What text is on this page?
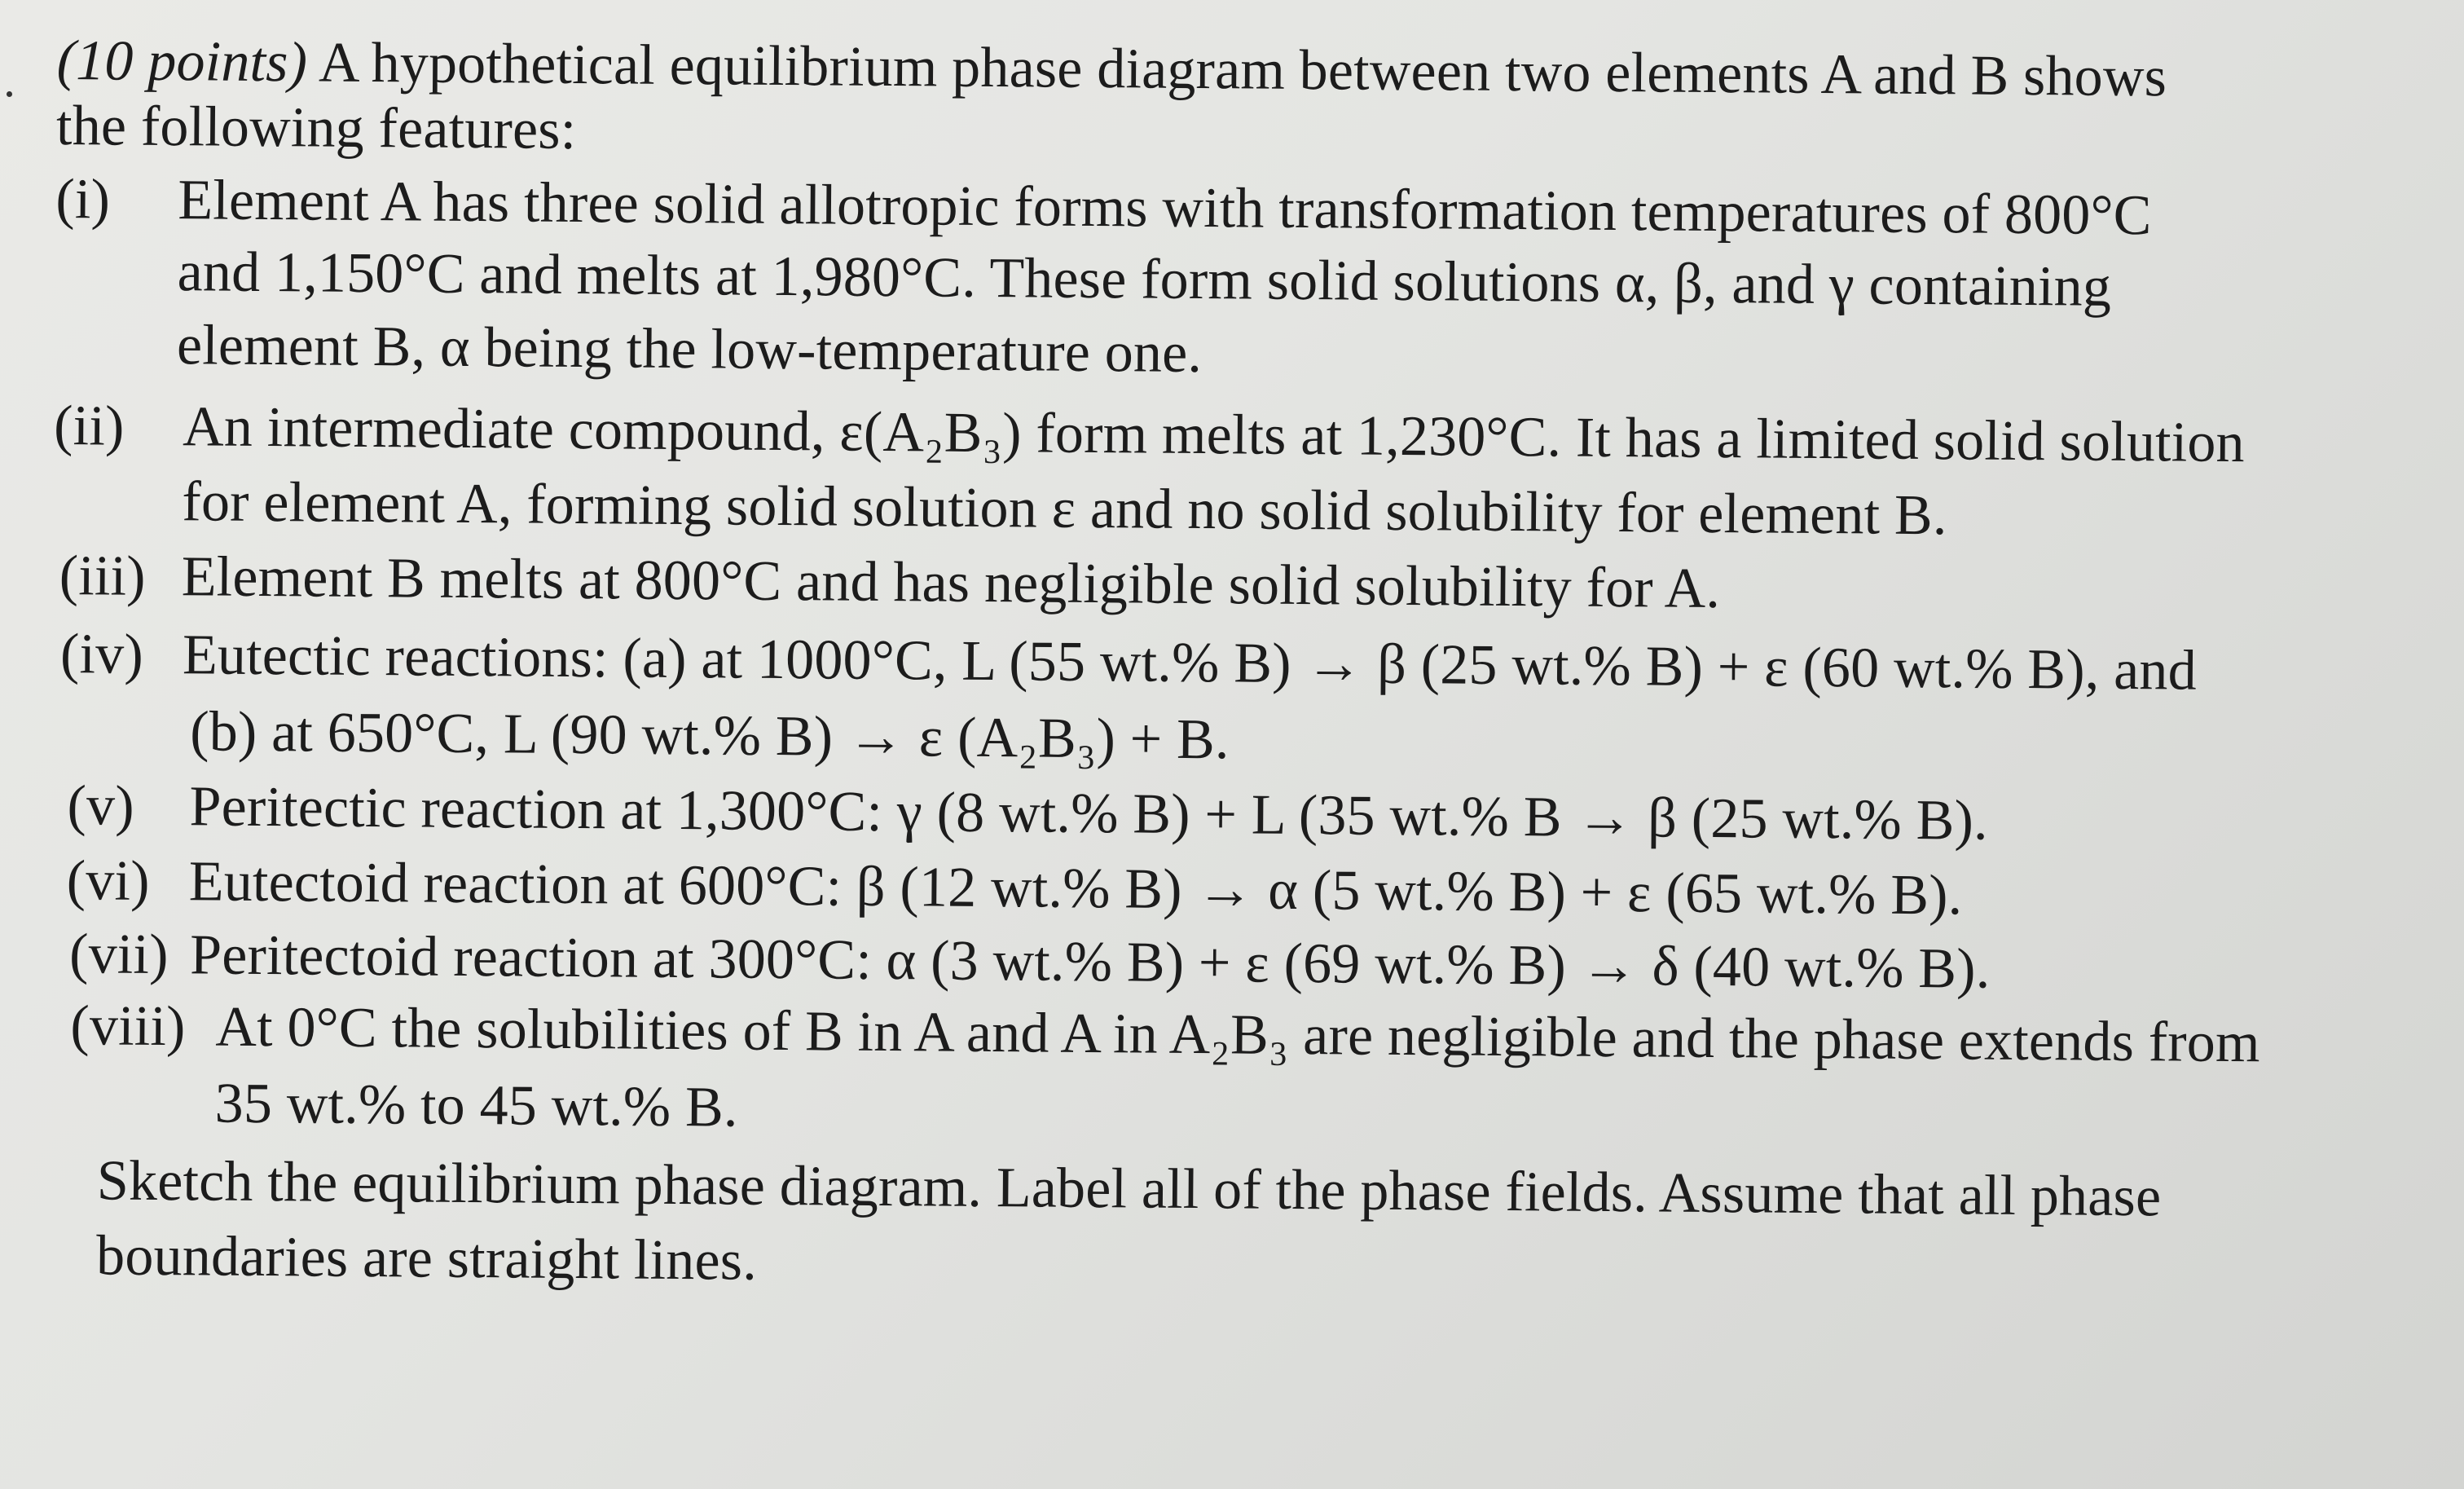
(10 points) A hypothetical equilibrium phase diagram between two elements A and B shows
the following features:
(i) Element A has three solid allotropic forms with transformation temperatures of 800°C
and 1,150°C and melts at 1,980°C. These form solid solutions α, β, and γ containing
element B, α being the low-temperature one.
(ii) An intermediate compound, ε(A₂B₃) form melts at 1,230°C. It has a limited solid solution
for element A, forming solid solution ε and no solid solubility for element B.
(iii) Element B melts at 800°C and has negligible solid solubility for A.
(iv) Eutectic reactions: (a) at 1000°C, L (55 wt.% B) → β (25 wt.% B) + ε (60 wt.% B), and
(b) at 650°C, L (90 wt.% B) → ε (A₂B₃) + B.
(v) Peritectic reaction at 1,300°C: γ (8 wt.% B) + L (35 wt.% B → β (25 wt.% B).
(vi) Eutectoid reaction at 600°C: β (12 wt.% B) → α (5 wt.% B) + ε (65 wt.% B).
(vii) Peritectoid reaction at 300°C: α (3 wt.% B) + ε (69 wt.% B) → δ (40 wt.% B).
(viii) At 0°C the solubilities of B in A and A in A₂B₃ are negligible and the phase extends from
35 wt.% to 45 wt.% B.
Sketch the equilibrium phase diagram. Label all of the phase fields. Assume that all phase
boundaries are straight lines.
